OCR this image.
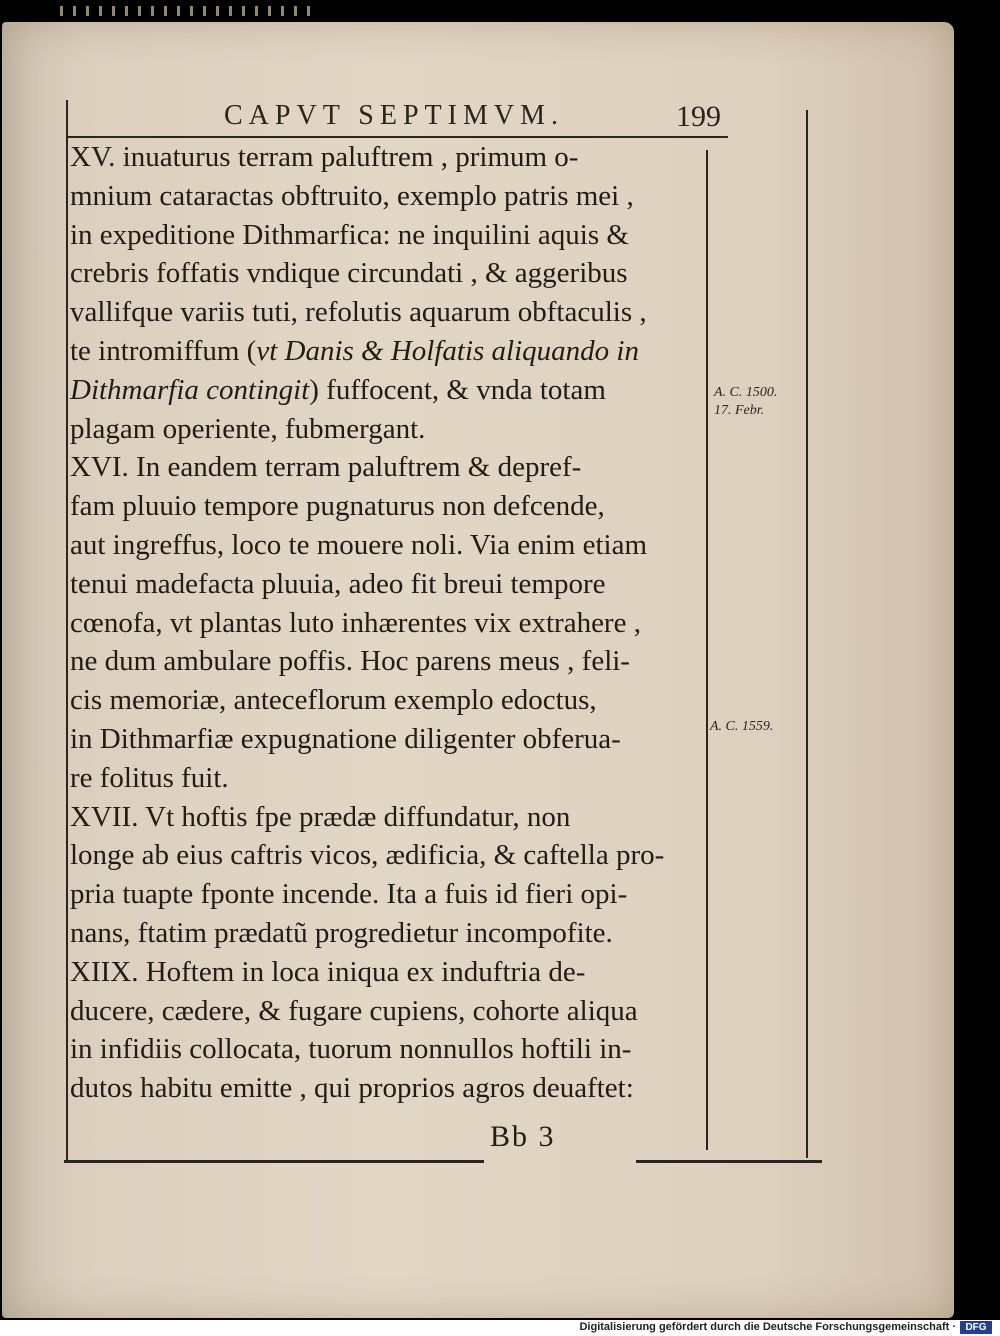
CAPVT SEPTIMVM.	199
XV. inuaturus terram paluftrem , primum o-
mnium cataractas obftruito, exemplo patris mei ,
in expeditione Dithmarfica: ne inquilini aquis &
crebris foffatis vndique circundati , & aggeribus
vallifque variis tuti, refolutis aquarum obftaculis ,
te intromiffum (vt Danis & Holfatis aliquando in
Dithmarfia contingit) fuffocent, & vnda totam
plagam operiente, fubmergant.
XVI. In eandem terram paluftrem & depref-
fam pluuio tempore pugnaturus non defcende,
aut ingreffus, loco te mouere noli. Via enim etiam
tenui madefacta pluuia, adeo fit breui tempore
cœnofa, vt plantas luto inhærentes vix extrahere ,
ne dum ambulare poffis. Hoc parens meus , feli-
cis memoriæ, anteceflorum exemplo edoctus,
in Dithmarfiæ expugnatione diligenter obferua-
re folitus fuit.
XVII. Vt hoftis fpe prædæ diffundatur, non
longe ab eius caftris vicos, ædificia, & caftella pro-
pria tuapte fponte incende. Ita a fuis id fieri opi-
nans, ftatim prædatũ progredietur incompofite.
XIIX. Hoftem in loca iniqua ex induftria de-
ducere, cædere, & fugare cupiens, cohorte aliqua
in infidiis collocata, tuorum nonnullos hoftili in-
dutos habitu emitte , qui proprios agros deuaftet:
A. C. 1500.
17. Febr.
A. C. 1559.
Bb 3
Digitalisierung gefördert durch die Deutsche Forschungsgemeinschaft · DFG
